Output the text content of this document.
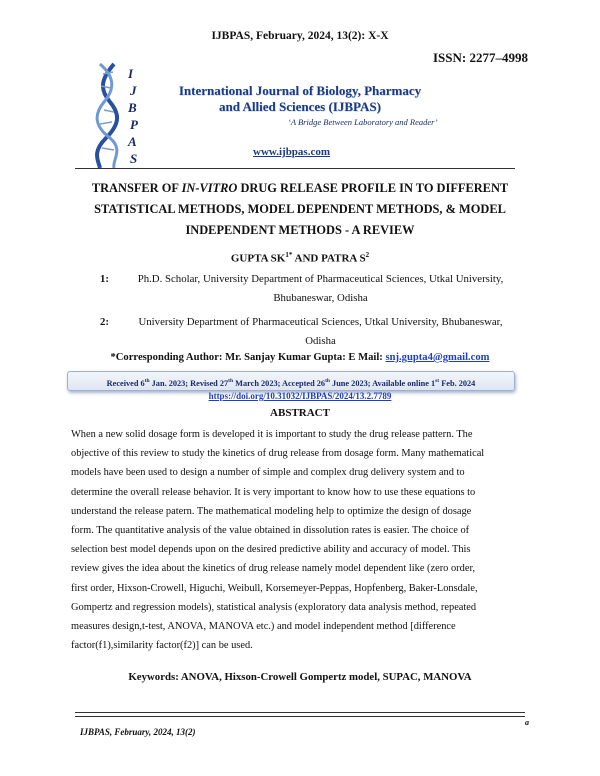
IJBPAS, February, 2024, 13(2): X-X
ISSN: 2277–4998
I
J
B
P
A
S
International Journal of Biology, Pharmacy
and Allied Sciences (IJBPAS)
‘A Bridge Between Laboratory and Reader’
www.ijbpas.com
TRANSFER OF IN-VITRO DRUG RELEASE PROFILE IN TO DIFFERENT STATISTICAL METHODS, MODEL DEPENDENT METHODS, & MODEL INDEPENDENT METHODS - A REVIEW
GUPTA $SK^{1*}$ AND PATRA $S^2$
1:	Ph.D. Scholar, University Department of Pharmaceutical Sciences, Utkal University,
Bhubaneswar, Odisha
2:	University Department of Pharmaceutical Sciences, Utkal University, Bhubaneswar,
Odisha
*Corresponding Author: Mr. Sanjay Kumar Gupta: E Mail: snj.gupta4@gmail.com
Received 6th Jan. 2023; Revised 27th March 2023; Accepted 26th June 2023; Available online 1st Feb. 2024
https://doi.org/10.31032/IJBPAS/2024/13.2.7789
ABSTRACT
When a new solid dosage form is developed it is important to study the drug release pattern. The
objective of this review to study the kinetics of drug release from dosage form. Many mathematical
models have been used to design a number of simple and complex drug delivery system and to
determine the overall release behavior. It is very important to know how to use these equations to
understand the release patern. The mathematical modeling help to optimize the design of dosage
form. The quantitative analysis of the value obtained in dissolution rates is easier. The choice of
selection best model depends upon on the desired predictive ability and accuracy of model. This
review gives the idea about the kinetics of drug release namely model dependent like (zero order,
first order, Hixson-Crowell, Higuchi, Weibull, Korsemeyer-Peppas, Hopfenberg, Baker-Lonsdale,
Gompertz and regression models), statistical analysis (exploratory data analysis method, repeated
measures design,t-test, ANOVA, MANOVA etc.) and model independent method [difference
factor(f1),similarity factor(f2)] can be used.
Keywords: ANOVA, Hixson-Crowell Gompertz model, SUPAC, MANOVA
a
IJBPAS, February, 2024, 13(2)
